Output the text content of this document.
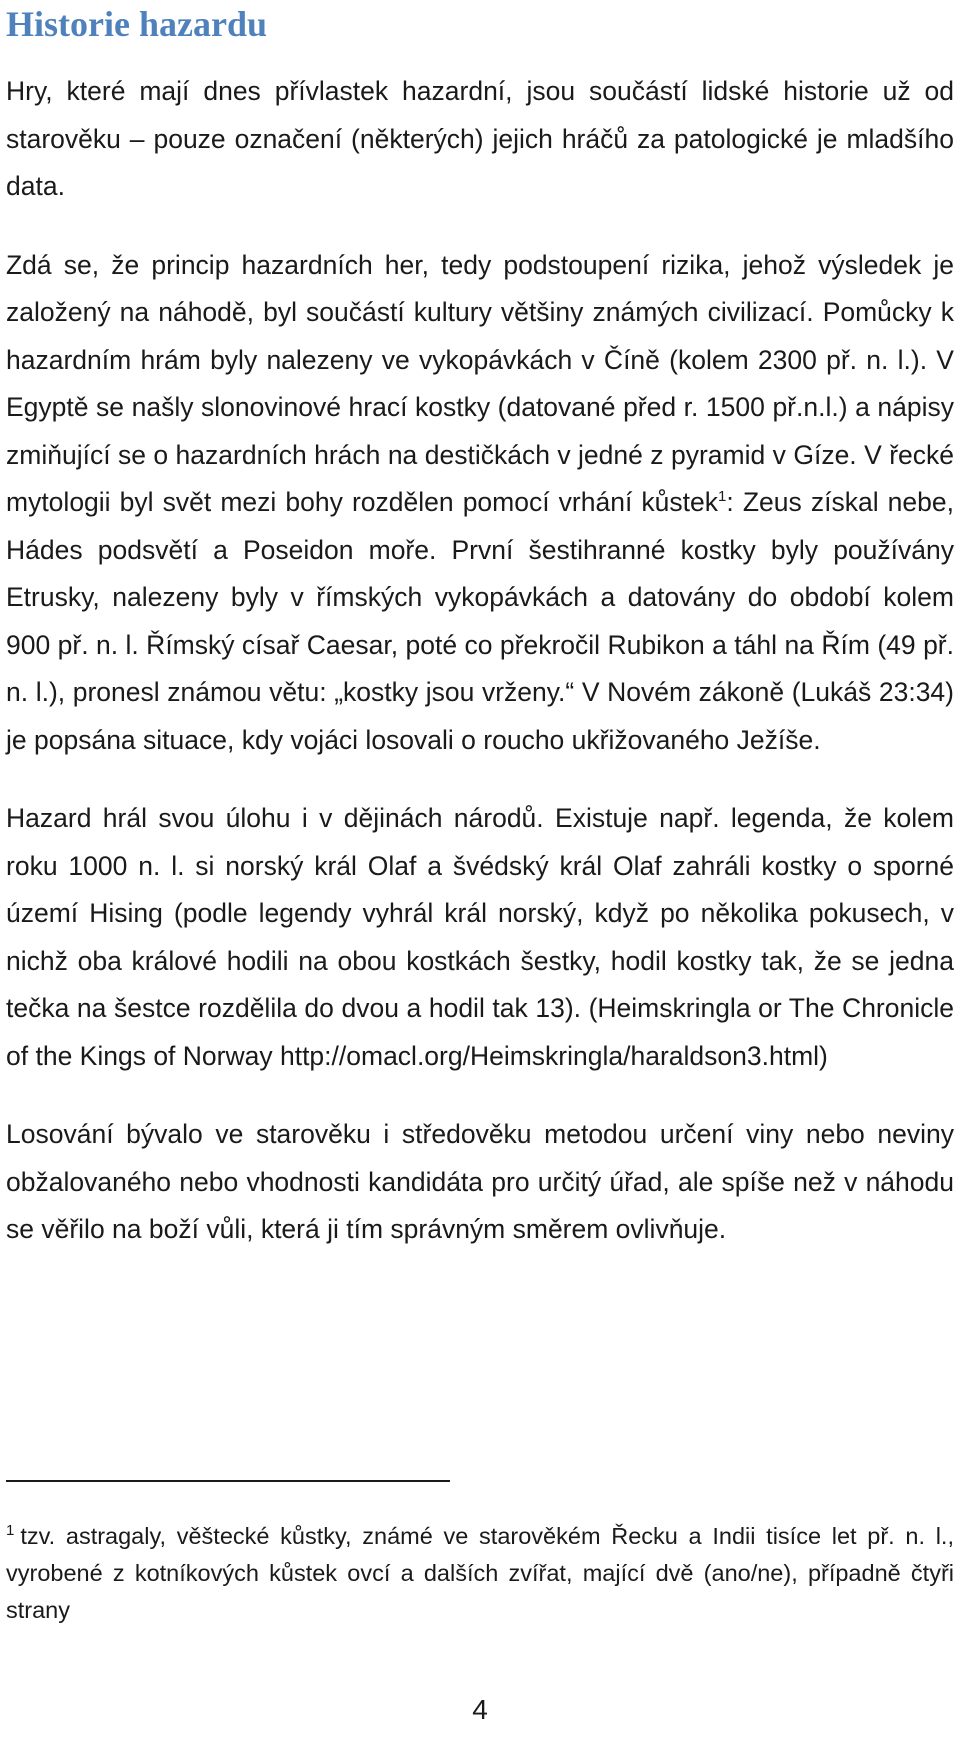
Historie hazardu

Hry, které mají dnes přívlastek hazardní, jsou součástí lidské historie už od starověku – pouze označení (některých) jejich hráčů za patologické je mladšího data.

Zdá se, že princip hazardních her, tedy podstoupení rizika, jehož výsledek je založený na náhodě, byl součástí kultury většiny známých civilizací. Pomůcky k hazardním hrám byly nalezeny ve vykopávkách v Číně (kolem 2300 př. n. l.). V Egyptě se našly slonovinové hrací kostky (datované před r. 1500 př.n.l.) a nápisy zmiňující se o hazardních hrách na destičkách v jedné z pyramid v Gíze. V řecké mytologii byl svět mezi bohy rozdělen pomocí vrhání kůstek$^1$: Zeus získal nebe, Hádes podsvětí a Poseidon moře. První šestihranné kostky byly používány Etrusky, nalezeny byly v římských vykopávkách a datovány do období kolem 900 př. n. l. Římský císař Caesar, poté co překročil Rubikon a táhl na Řím (49 př. n. l.), pronesl známou větu: „kostky jsou vrženy.“ V Novém zákoně (Lukáš 23:34) je popsána situace, kdy vojáci losovali o roucho ukřižovaného Ježíše.

Hazard hrál svou úlohu i v dějinách národů. Existuje např. legenda, že kolem roku 1000 n. l. si norský král Olaf a švédský král Olaf zahráli kostky o sporné území Hising (podle legendy vyhrál král norský, když po několika pokusech, v nichž oba králové hodili na obou kostkách šestky, hodil kostky tak, že se jedna tečka na šestce rozdělila do dvou a hodil tak 13). (Heimskringla or The Chronicle of the Kings of Norway http://omacl.org/Heimskringla/haraldson3.html)

Losování bývalo ve starověku i středověku metodou určení viny nebo neviny obžalovaného nebo vhodnosti kandidáta pro určitý úřad, ale spíše než v náhodu se věřilo na boží vůli, která ji tím správným směrem ovlivňuje.

$^1$ tzv. astragaly, věštecké kůstky, známé ve starověkém Řecku a Indii tisíce let př. n. l., vyrobené z kotníkových kůstek ovcí a dalších zvířat, mající dvě (ano/ne), případně čtyři strany

4
